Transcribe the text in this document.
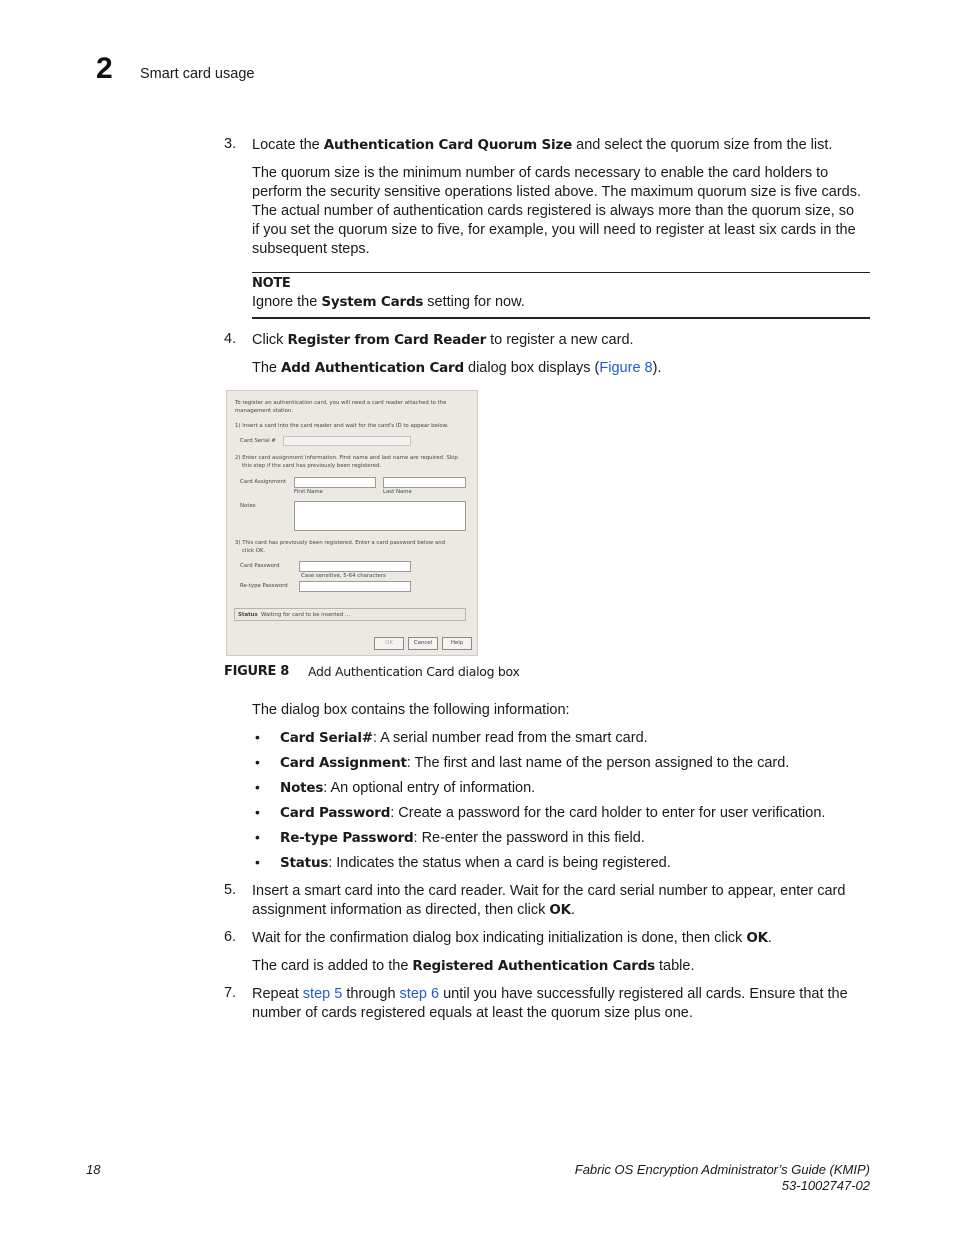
2 Smart card usage
3. Locate the Authentication Card Quorum Size and select the quorum size from the list.
The quorum size is the minimum number of cards necessary to enable the card holders to
perform the security sensitive operations listed above. The maximum quorum size is five cards.
The actual number of authentication cards registered is always more than the quorum size, so
if you set the quorum size to five, for example, you will need to register at least six cards in the
subsequent steps.
NOTE
Ignore the System Cards setting for now.
4. Click Register from Card Reader to register a new card.
The Add Authentication Card dialog box displays (Figure 8).
To register an authentication card, you will need a card reader attached to the
management station.
1) Insert a card into the card reader and wait for the card's ID to appear below.
Card Serial #
2) Enter card assignment information. First name and last name are required. Skip
this step if the card has previously been registered.
Card Assignment
First Name	Last Name
Notes
3) This card has previously been registered. Enter a card password below and
click OK.
Card Password
Case sensitive, 5-64 characters
Re-type Password
Status Waiting for card to be inserted ...
OK	Cancel	Help
FIGURE 8 Add Authentication Card dialog box
The dialog box contains the following information:
• Card Serial#: A serial number read from the smart card.
• Card Assignment: The first and last name of the person assigned to the card.
• Notes: An optional entry of information.
• Card Password: Create a password for the card holder to enter for user verification.
• Re-type Password: Re-enter the password in this field.
• Status: Indicates the status when a card is being registered.
5. Insert a smart card into the card reader. Wait for the card serial number to appear, enter card
assignment information as directed, then click OK.
6. Wait for the confirmation dialog box indicating initialization is done, then click OK.
The card is added to the Registered Authentication Cards table.
7. Repeat step 5 through step 6 until you have successfully registered all cards. Ensure that the
number of cards registered equals at least the quorum size plus one.
18	Fabric OS Encryption Administrator’s Guide (KMIP)
53-1002747-02
